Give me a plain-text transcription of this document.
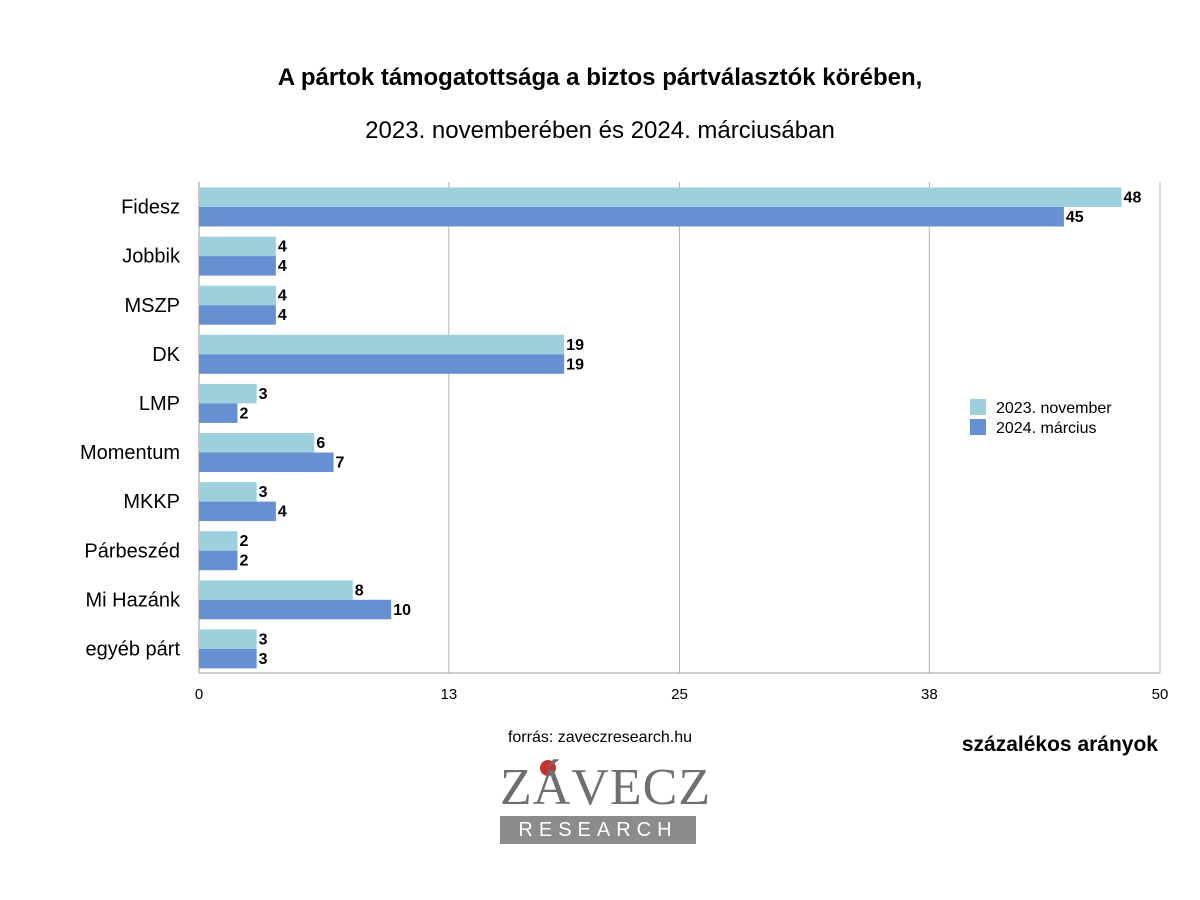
A pártok támogatottsága a biztos pártválasztók körében,
2023. novemberében és 2024. márciusában
0	13	25	38	50
Fidesz	48
45
Jobbik	4
4
MSZP	4
4
DK	19
19
LMP	3
2
Momentum	6
7
MKKP	3
4
Párbeszéd	2
2
Mi Hazánk	8
10
egyéb párt	3
3
2023. november
2024. március
forrás: zaveczresearch.hu	százalékos arányok
ZÁVECZ
RESEARCH
